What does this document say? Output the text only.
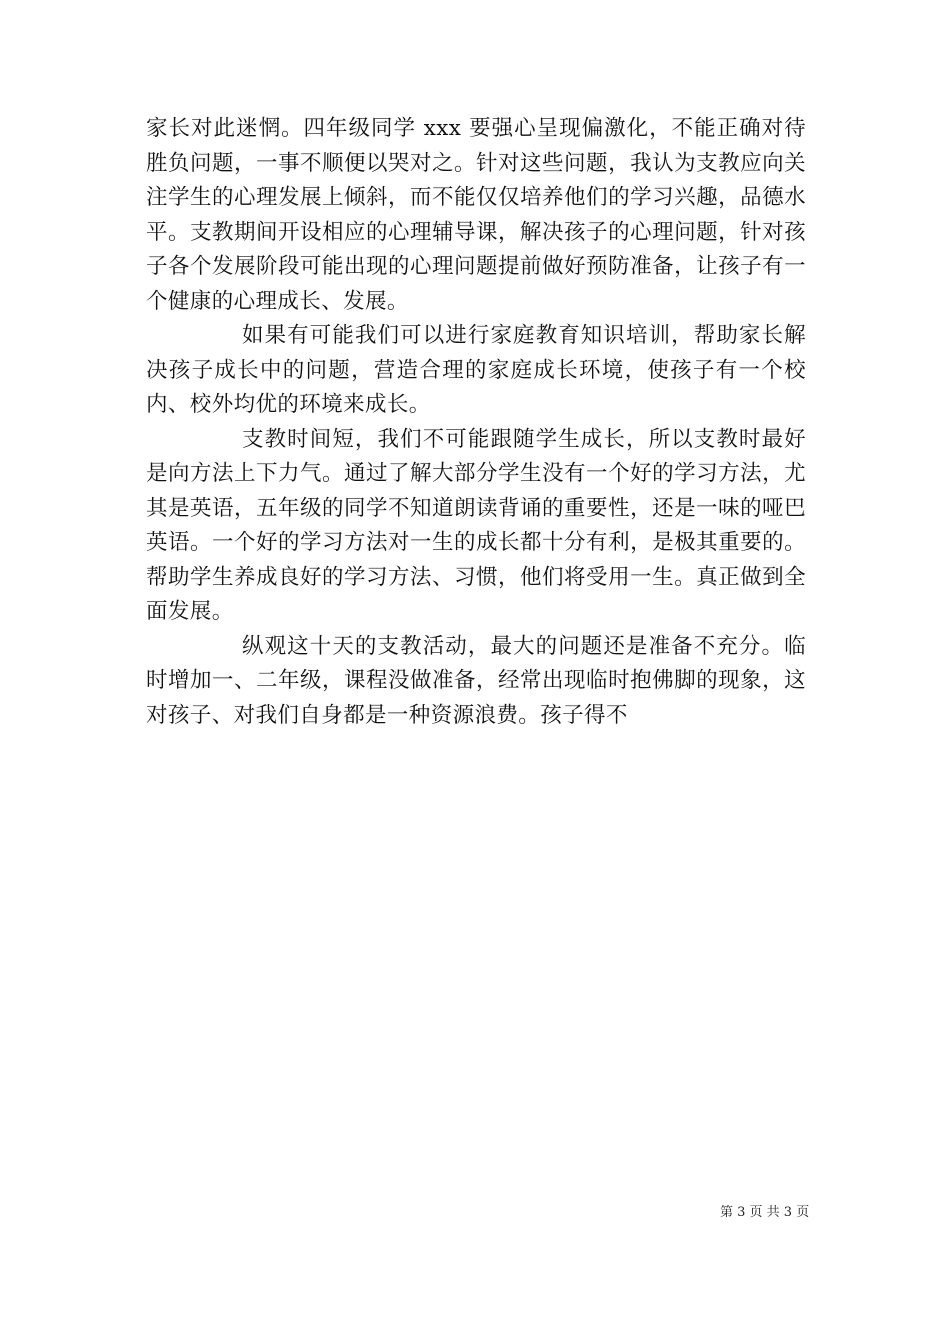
家长对此迷惘。四年级同学 xxx 要强心呈现偏激化，不能正确对待胜负问题，一事不顺便以哭对之。针对这些问题，我认为支教应向关注学生的心理发展上倾斜，而不能仅仅培养他们的学习兴趣，品德水平。支教期间开设相应的心理辅导课，解决孩子的心理问题，针对孩子各个发展阶段可能出现的心理问题提前做好预防准备，让孩子有一个健康的心理成长、发展。

如果有可能我们可以进行家庭教育知识培训，帮助家长解决孩子成长中的问题，营造合理的家庭成长环境，使孩子有一个校内、校外均优的环境来成长。

支教时间短，我们不可能跟随学生成长，所以支教时最好是向方法上下力气。通过了解大部分学生没有一个好的学习方法，尤其是英语，五年级的同学不知道朗读背诵的重要性，还是一味的哑巴英语。一个好的学习方法对一生的成长都十分有利，是极其重要的。帮助学生养成良好的学习方法、习惯，他们将受用一生。真正做到全面发展。

纵观这十天的支教活动，最大的问题还是准备不充分。临时增加一、二年级，课程没做准备，经常出现临时抱佛脚的现象，这对孩子、对我们自身都是一种资源浪费。孩子得不

第 3 页 共 3 页
